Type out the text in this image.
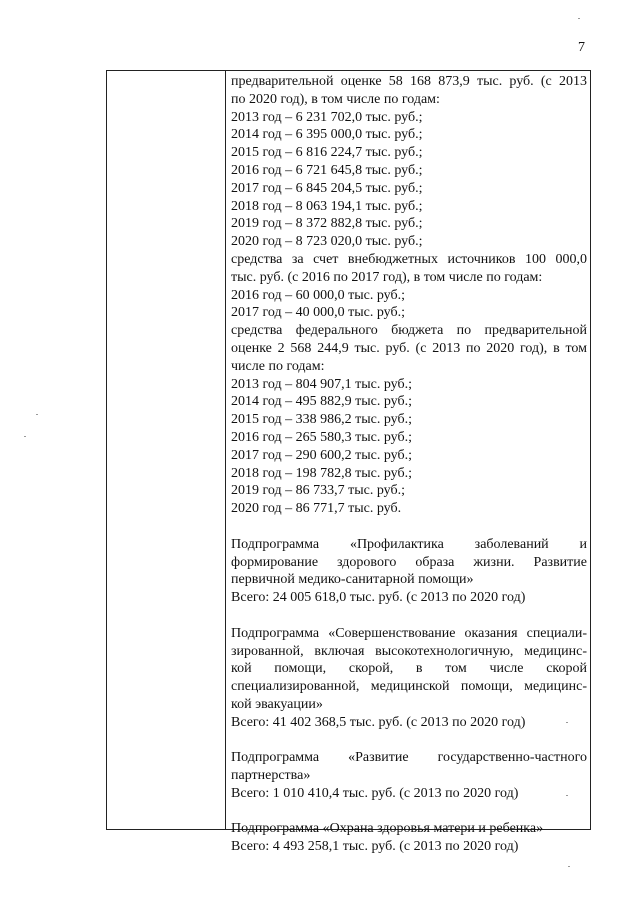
7

предварительной оценке 58 168 873,9 тыс. руб. (с 2013

по 2020 год), в том числе по годам:

2013 год – 6 231 702,0 тыс. руб.;

2014 год – 6 395 000,0 тыс. руб.;

2015 год – 6 816 224,7 тыс. руб.;

2016 год – 6 721 645,8 тыс. руб.;

2017 год – 6 845 204,5 тыс. руб.;

2018 год – 8 063 194,1 тыс. руб.;

2019 год – 8 372 882,8 тыс. руб.;

2020 год – 8 723 020,0 тыс. руб.;

средства за счет внебюджетных источников 100 000,0

тыс. руб. (с 2016 по 2017 год), в том числе по годам:

2016 год – 60 000,0 тыс. руб.;

2017 год – 40 000,0 тыс. руб.;

средства федерального бюджета по предварительной

оценке 2 568 244,9 тыс. руб. (с 2013 по 2020 год), в том

числе по годам:

2013 год – 804 907,1 тыс. руб.;

2014 год – 495 882,9 тыс. руб.;

2015 год – 338 986,2 тыс. руб.;

2016 год – 265 580,3 тыс. руб.;

2017 год – 290 600,2 тыс. руб.;

2018 год – 198 782,8 тыс. руб.;

2019 год – 86 733,7 тыс. руб.;

2020 год – 86 771,7 тыс. руб.

Подпрограмма «Профилактика заболеваний и

формирование здорового образа жизни. Развитие

первичной медико-санитарной помощи»

Всего: 24 005 618,0 тыс. руб. (с 2013 по 2020 год)

Подпрограмма «Совершенствование оказания специали-

зированной, включая высокотехнологичную, медицинс-

кой помощи, скорой, в том числе скорой

специализированной, медицинской помощи, медицинс-

кой эвакуации»

Всего: 41 402 368,5 тыс. руб. (с 2013 по 2020 год)

Подпрограмма «Развитие государственно-частного

партнерства»

Всего: 1 010 410,4 тыс. руб. (с 2013 по 2020 год)

Подпрограмма «Охрана здоровья матери и ребенка»

Всего: 4 493 258,1 тыс. руб. (с 2013 по 2020 год)
